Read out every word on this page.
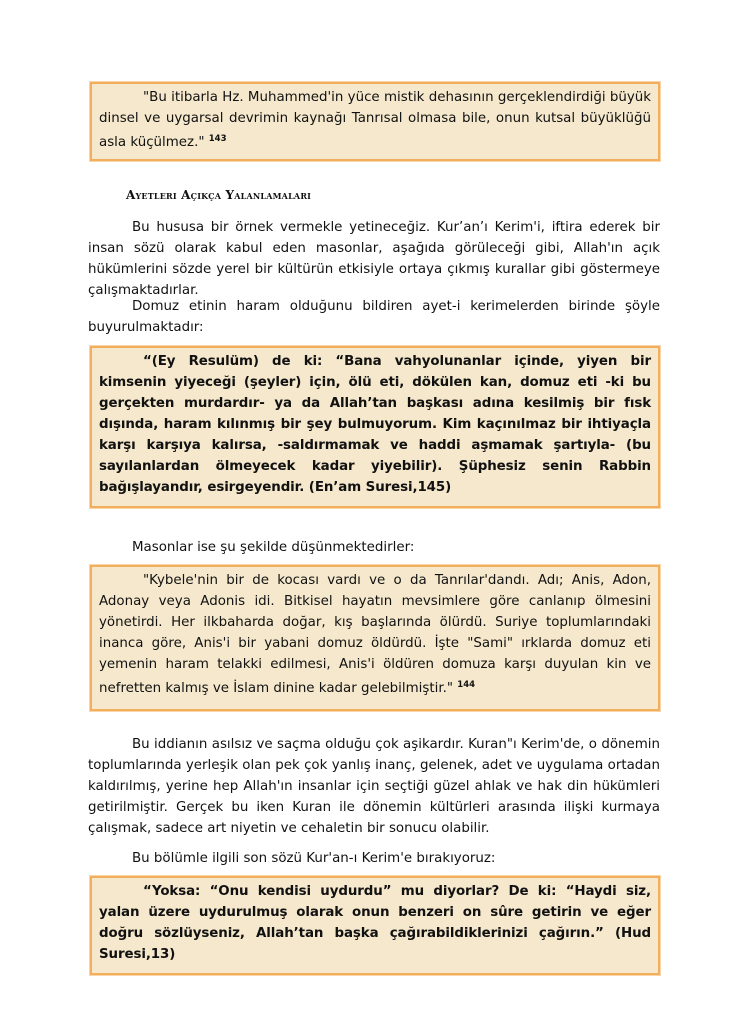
"Bu itibarla Hz. Muhammed'in yüce mistik dehasının gerçeklendirdiği büyük dinsel ve uygarsal devrimin kaynağı Tanrısal olmasa bile, onun kutsal büyüklüğü asla küçülmez." $^{143}$

Ayetleri Açıkça Yalanlamaları

Bu hususa bir örnek vermekle yetineceğiz. Kur’an’ı Kerim'i, iftira ederek bir insan sözü olarak kabul eden masonlar, aşağıda görüleceği gibi, Allah'ın açık hükümlerini sözde yerel bir kültürün etkisiyle ortaya çıkmış kurallar gibi göstermeye çalışmaktadırlar.

Domuz etinin haram olduğunu bildiren ayet-i kerimelerden birinde şöyle buyurulmaktadır:

“(Ey Resulüm) de ki: “Bana vahyolunanlar içinde, yiyen bir kimsenin yiyeceği (şeyler) için, ölü eti, dökülen kan, domuz eti -ki bu gerçekten murdardır- ya da Allah’tan başkası adına kesilmiş bir fısk dışında, haram kılınmış bir şey bulmuyorum. Kim kaçınılmaz bir ihtiyaçla karşı karşıya kalırsa, -saldırmamak ve haddi aşmamak şartıyla- (bu sayılanlardan ölmeyecek kadar yiyebilir). Şüphesiz senin Rabbin bağışlayandır, esirgeyendir. (En’am Suresi,145)

Masonlar ise şu şekilde düşünmektedirler:

"Kybele'nin bir de kocası vardı ve o da Tanrılar'dandı. Adı; Anis, Adon, Adonay veya Adonis idi. Bitkisel hayatın mevsimlere göre canlanıp ölmesini yönetirdi. Her ilkbaharda doğar, kış başlarında ölürdü. Suriye toplumlarındaki inanca göre, Anis'i bir yabani domuz öldürdü. İşte "Sami" ırklarda domuz eti yemenin haram telakki edilmesi, Anis'i öldüren domuza karşı duyulan kin ve nefretten kalmış ve İslam dinine kadar gelebilmiştir." $^{144}$

Bu iddianın asılsız ve saçma olduğu çok aşikardır. Kuran"ı Kerim'de, o dönemin toplumlarında yerleşik olan pek çok yanlış inanç, gelenek, adet ve uygulama ortadan kaldırılmış, yerine hep Allah'ın insanlar için seçtiği güzel ahlak ve hak din hükümleri getirilmiştir. Gerçek bu iken Kuran ile dönemin kültürleri arasında ilişki kurmaya çalışmak, sadece art niyetin ve cehaletin bir sonucu olabilir.

Bu bölümle ilgili son sözü Kur'an-ı Kerim'e bırakıyoruz:

“Yoksa: “Onu kendisi uydurdu” mu diyorlar? De ki: “Haydi siz, yalan üzere uydurulmuş olarak onun benzeri on sûre getirin ve eğer doğru sözlüyseniz, Allah’tan başka çağırabildiklerinizi çağırın.” (Hud Suresi,13)
